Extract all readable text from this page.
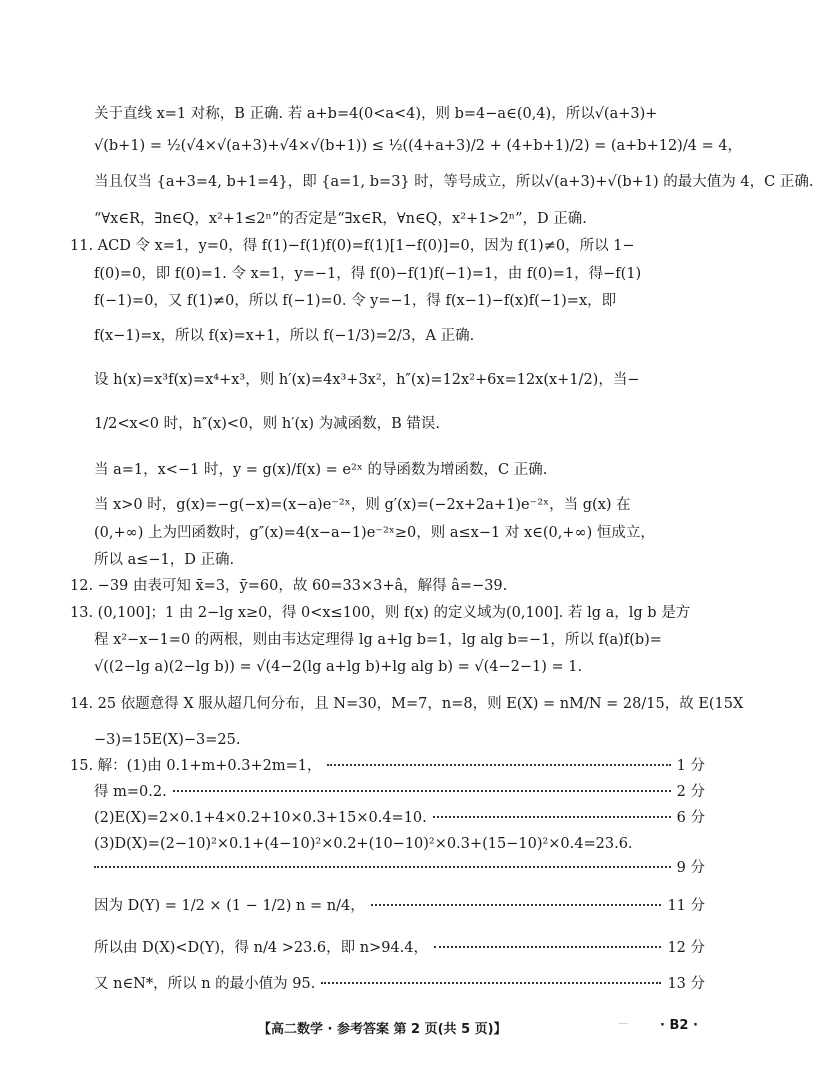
关于直线 x=1 对称，B 正确. 若 a+b=4(0<a<4)，则 b=4−a∈(0,4)，所以√(a+3)+
√(b+1) = ½(√4×√(a+3)+√4×√(b+1)) ≤ ½((4+a+3)/2 + (4+b+1)/2) = (a+b+12)/4 = 4，
当且仅当 {a+3=4, b+1=4}，即 {a=1, b=3} 时，等号成立，所以√(a+3)+√(b+1) 的最大值为 4，C 正确.
“∀x∈R，∃n∈Q，x²+1≤2ⁿ”的否定是“∃x∈R，∀n∈Q，x²+1>2ⁿ”，D 正确.
11. ACD 令 x=1，y=0，得 f(1)−f(1)f(0)=f(1)[1−f(0)]=0，因为 f(1)≠0，所以 1−
f(0)=0，即 f(0)=1. 令 x=1，y=−1，得 f(0)−f(1)f(−1)=1，由 f(0)=1，得−f(1)
f(−1)=0，又 f(1)≠0，所以 f(−1)=0. 令 y=−1，得 f(x−1)−f(x)f(−1)=x，即
f(x−1)=x，所以 f(x)=x+1，所以 f(−1/3)=2/3，A 正确.
设 h(x)=x³f(x)=x⁴+x³，则 h′(x)=4x³+3x²，h″(x)=12x²+6x=12x(x+1/2)，当−
1/2<x<0 时，h″(x)<0，则 h′(x) 为减函数，B 错误.
当 a=1，x<−1 时，y = g(x)/f(x) = e²ˣ 的导函数为增函数，C 正确.
当 x>0 时，g(x)=−g(−x)=(x−a)e⁻²ˣ，则 g′(x)=(−2x+2a+1)e⁻²ˣ，当 g(x) 在
(0,+∞) 上为凹函数时，g″(x)=4(x−a−1)e⁻²ˣ≥0，则 a≤x−1 对 x∈(0,+∞) 恒成立，
所以 a≤−1，D 正确.
12. −39 由表可知 x̄=3，ȳ=60，故 60=33×3+â，解得 â=−39.
13. (0,100]；1 由 2−lg x≥0，得 0<x≤100，则 f(x) 的定义域为(0,100]. 若 lg a，lg b 是方
程 x²−x−1=0 的两根，则由韦达定理得 lg a+lg b=1，lg alg b=−1，所以 f(a)f(b)=
√((2−lg a)(2−lg b)) = √(4−2(lg a+lg b)+lg alg b) = √(4−2−1) = 1.
14. 25 依题意得 X 服从超几何分布，且 N=30，M=7，n=8，则 E(X) = nM/N = 28/15，故 E(15X
−3)=15E(X)−3=25.
15. 解：(1)由 0.1+m+0.3+2m=1，	1 分
得 m=0.2.	2 分
(2)E(X)=2×0.1+4×0.2+10×0.3+15×0.4=10.	6 分
(3)D(X)=(2−10)²×0.1+(4−10)²×0.2+(10−10)²×0.3+(15−10)²×0.4=23.6.
9 分
因为 D(Y) = 1/2 × (1 − 1/2) n = n/4，	11 分
所以由 D(X)<D(Y)，得 n/4 >23.6，即 n>94.4，	12 分
又 n∈N*，所以 n 的最小值为 95.	13 分
【高二数学 · 参考答案 第 2 页(共 5 页)】	— · B2 ·
